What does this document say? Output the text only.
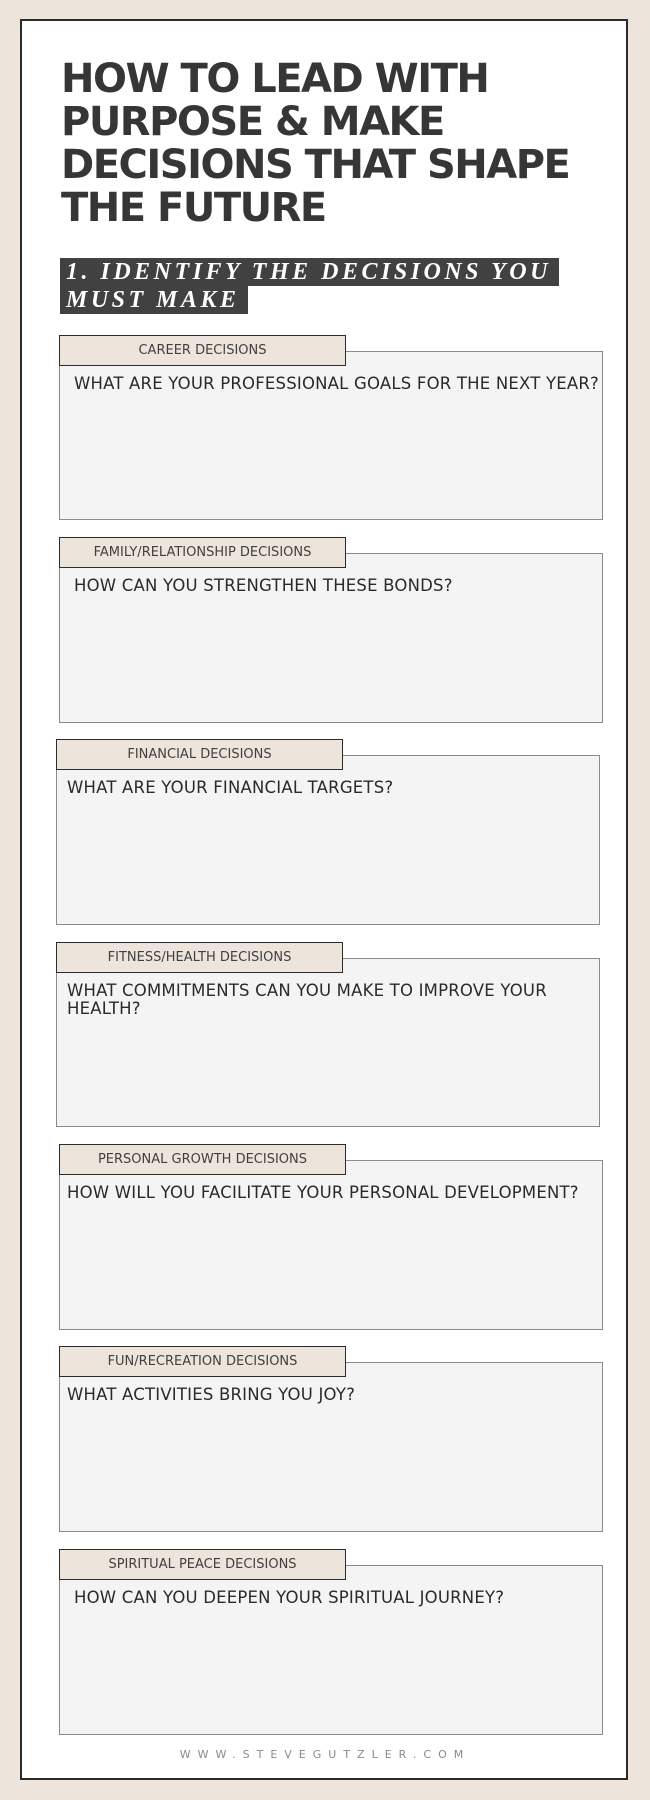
HOW TO LEAD WITH PURPOSE & MAKE DECISIONS THAT SHAPE THE FUTURE
1. IDENTIFY THE DECISIONS YOU MUST MAKE
CAREER DECISIONS

WHAT ARE YOUR PROFESSIONAL GOALS FOR THE NEXT YEAR?

FAMILY/RELATIONSHIP DECISIONS

HOW CAN YOU STRENGTHEN THESE BONDS?

FINANCIAL DECISIONS

WHAT ARE YOUR FINANCIAL TARGETS?

FITNESS/HEALTH DECISIONS

WHAT COMMITMENTS CAN YOU MAKE TO IMPROVE YOUR HEALTH?

PERSONAL GROWTH DECISIONS

HOW WILL YOU FACILITATE YOUR PERSONAL DEVELOPMENT?

FUN/RECREATION DECISIONS

WHAT ACTIVITIES BRING YOU JOY?

SPIRITUAL PEACE DECISIONS

HOW CAN YOU DEEPEN YOUR SPIRITUAL JOURNEY?

WWW.STEVEGUTZLER.COM
